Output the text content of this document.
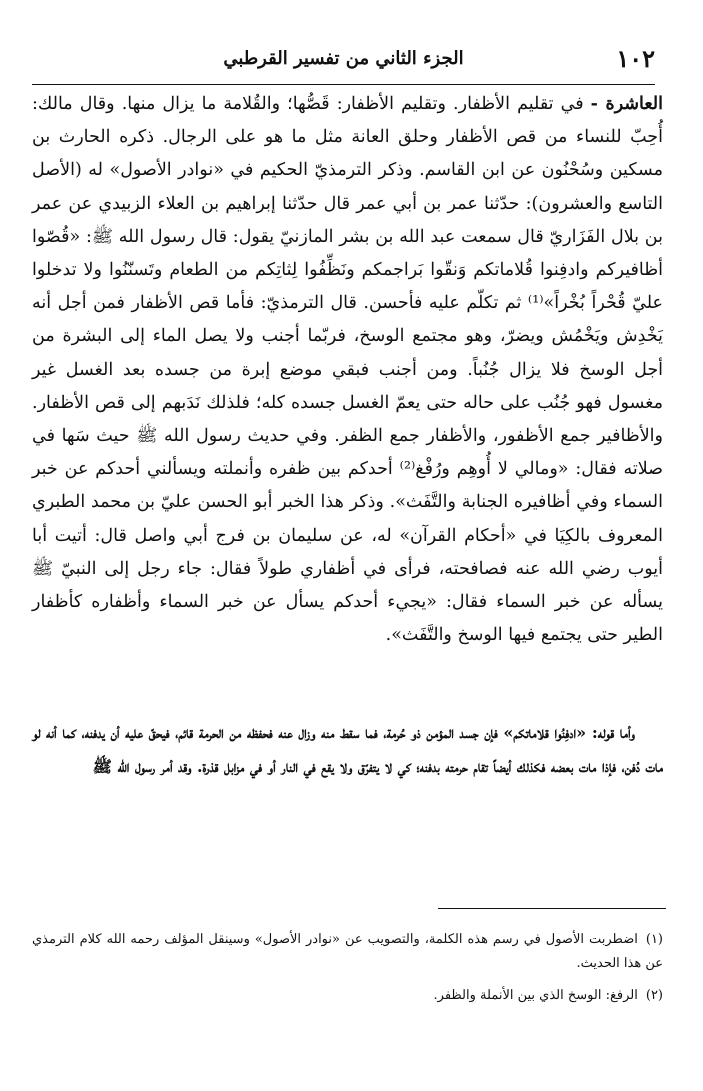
١٠٢
الجزء الثاني من تفسير القرطبي

العاشرة - في تقليم الأظفار. وتقليم الأظفار: قَصُّها؛ والقُلامة ما يزال منها. وقال مالك: أُحِبّ للنساء من قص الأظفار وحلق العانة مثل ما هو على الرجال. ذكره الحارث بن مسكين وسُحْنُون عن ابن القاسم. وذكر الترمذيّ الحكيم في «نوادر الأصول» له (الأصل التاسع والعشرون): حدّثنا عمر بن أبي عمر قال حدّثنا إبراهيم بن العلاء الزبيدي عن عمر بن بلال الفَزَاريّ قال سمعت عبد الله بن بشر المازنيّ يقول: قال رسول الله ﷺ: «قُصّوا أظافيركم وادفِنوا قُلاماتكم وَنقّوا بَراجمكم ونَظِّفُوا لِثاتِكم من الطعام وتَسنّنُوا ولا تدخلوا عليّ قُحْراً بُخْراً»⁽¹⁾ ثم تكلّم عليه فأحسن. قال الترمذيّ: فأما قص الأظفار فمن أجل أنه يَخْدِش ويَخْمُش ويضرّ، وهو مجتمع الوسخ، فربّما أجنب ولا يصل الماء إلى البشرة من أجل الوسخ فلا يزال جُنُباً. ومن أجنب فبقي موضع إبرة من جسده بعد الغسل غير مغسول فهو جُنُب على حاله حتى يعمّ الغسل جسده كله؛ فلذلك نَدَبهم إلى قص الأظفار. والأظافير جمع الأظفور، والأظفار جمع الظفر. وفي حديث رسول الله ﷺ حيث سَها في صلاته فقال: «ومالي لا أُوهِم ورُفْغ⁽²⁾ أحدكم بين ظفره وأنملته ويسألني أحدكم عن خبر السماء وفي أظافيره الجنابة والتَّفَث». وذكر هذا الخبر أبو الحسن عليّ بن محمد الطبري المعروف بالكِيَا في «أحكام القرآن» له، عن سليمان بن فرج أبي واصل قال: أتيت أبا أيوب رضي الله عنه فصافحته، فرأى في أظفاري طولاً فقال: جاء رجل إلى النبيّ ﷺ يسأله عن خبر السماء فقال: «يجيء أحدكم يسأل عن خبر السماء وأظفاره كأظفار الطير حتى يجتمع فيها الوسخ والتَّفَث».

وأما قوله: «ادفِنُوا قلاماتكم» فإن جسد المؤمن ذو حُرمة، فما سقط منه وزال عنه فحفظه من الحرمة قائم، فيحقّ عليه أن يدفنه، كما أنه لو مات دُفن، فإذا مات بعضه فكذلك أيضاً تقام حرمته بدفنه؛ كي لا يتفرّق ولا يقع في النار أو في مزابل قذرة. وقد أمر رسول الله ﷺ

(١)اضطربت الأصول في رسم هذه الكلمة، والتصويب عن «نوادر الأصول» وسينقل المؤلف رحمه الله كلام الترمذي عن هذا الحديث.

(٢)الرفغ: الوسخ الذي بين الأنملة والظفر.
